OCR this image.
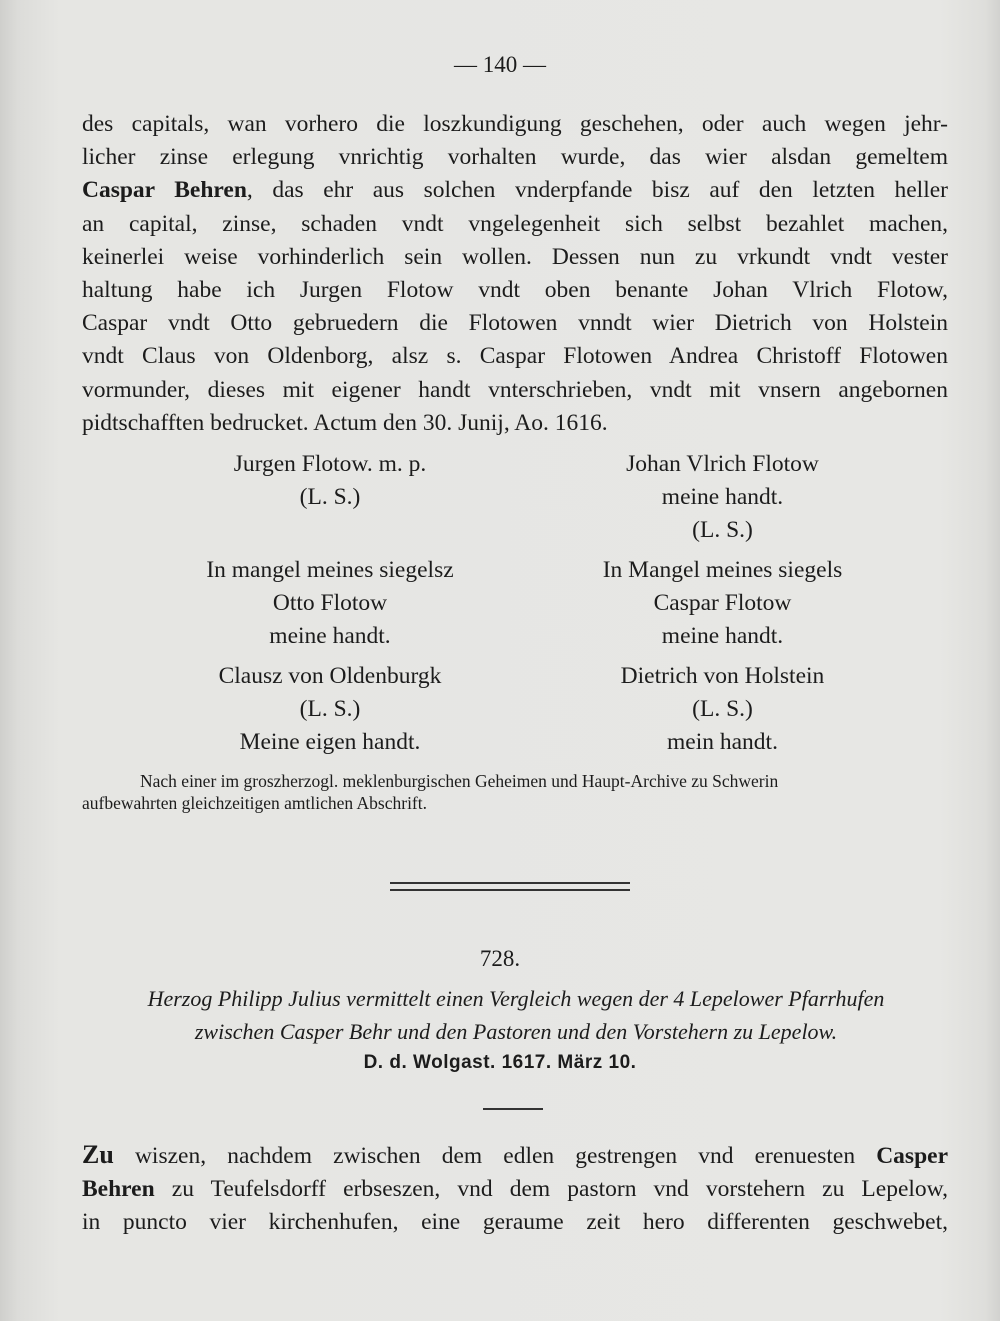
— 140 —
des capitals, wan vorhero die loszkundigung geschehen, oder auch wegen jehr-
licher zinse erlegung vnrichtig vorhalten wurde, das wier alsdan gemeltem
Caspar Behren, das ehr aus solchen vnderpfande bisz auf den letzten heller
an capital, zinse, schaden vndt vngelegenheit sich selbst bezahlet machen,
keinerlei weise vorhinderlich sein wollen. Dessen nun zu vrkundt vndt vester
haltung habe ich Jurgen Flotow vndt oben benante Johan Vlrich Flotow,
Caspar vndt Otto gebruedern die Flotowen vnndt wier Dietrich von Holstein
vndt Claus von Oldenborg, alsz s. Caspar Flotowen Andrea Christoff Flotowen
vormunder, dieses mit eigener handt vnterschrieben, vndt mit vnsern angebornen
pidtschafften bedrucket. Actum den 30. Junij, Ao. 1616.
Jurgen Flotow. m. p.
(L. S.)
In mangel meines siegelsz
Otto Flotow
meine handt.
Clausz von Oldenburgk
(L. S.)
Meine eigen handt.
Johan Vlrich Flotow
meine handt.
(L. S.)
In Mangel meines siegels
Caspar Flotow
meine handt.
Dietrich von Holstein
(L. S.)
mein handt.
Nach einer im groszherzogl. meklenburgischen Geheimen und Haupt-Archive zu Schwerin
aufbewahrten gleichzeitigen amtlichen Abschrift.
728.
Herzog Philipp Julius vermittelt einen Vergleich wegen der 4 Lepelower Pfarrhufen
zwischen Casper Behr und den Pastoren und den Vorstehern zu Lepelow.
D. d. Wolgast. 1617. März 10.
Zu wiszen, nachdem zwischen dem edlen gestrengen vnd erenuesten Casper
Behren zu Teufelsdorff erbseszen, vnd dem pastorn vnd vorstehern zu Lepelow,
in puncto vier kirchenhufen, eine geraume zeit hero differenten geschwebet,
